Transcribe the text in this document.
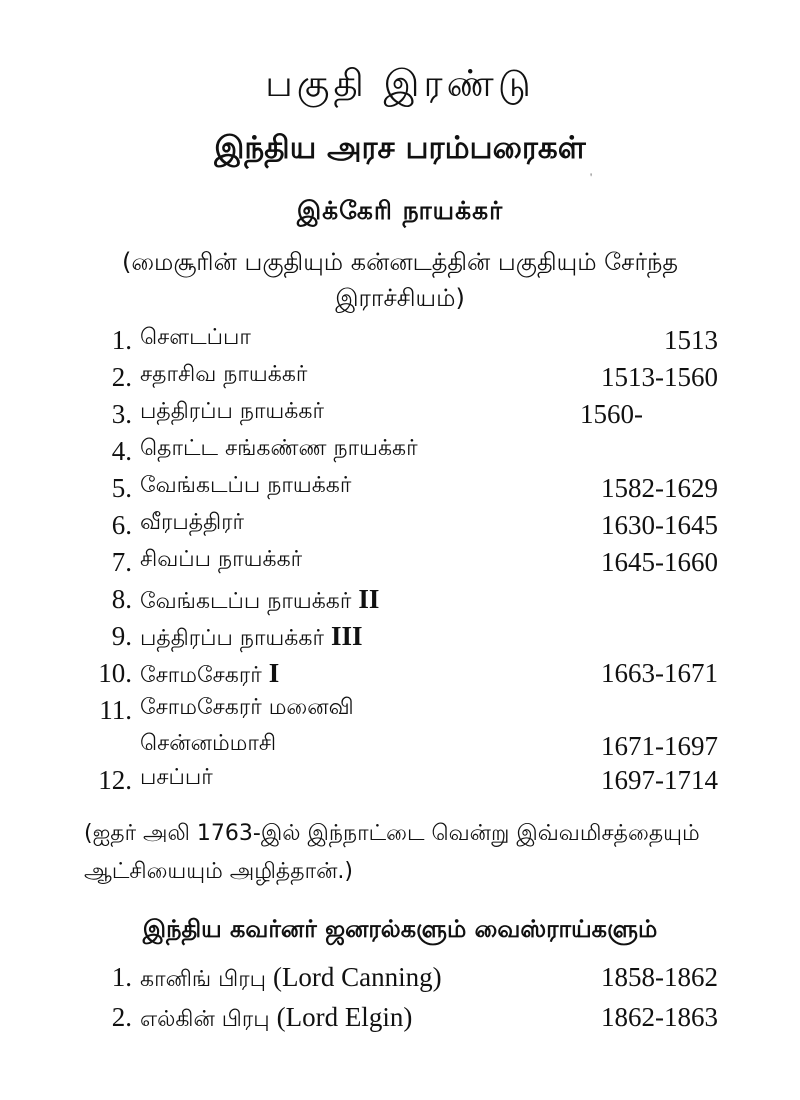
பகுதி இரண்டு
இந்திய அரச பரம்பரைகள்
இக்கேரி நாயக்கர்
(மைசூரின் பகுதியும் கன்னடத்தின் பகுதியும் சேர்ந்த இராச்சியம்)
1. செளடப்பா	1513
2. சதாசிவ நாயக்கர்	1513-1560
3. பத்திரப்ப நாயக்கர்	1560-
4. தொட்ட சங்கண்ண நாயக்கர்
5. வேங்கடப்ப நாயக்கர்	1582-1629
6. வீரபத்திரர்	1630-1645
7. சிவப்ப நாயக்கர்	1645-1660
8. வேங்கடப்ப நாயக்கர் II
9. பத்திரப்ப நாயக்கர் III
10. சோமசேகரர் I	1663-1671
11. சோமசேகரர் மனைவி
சென்னம்மாசி	1671-1697
12. பசப்பர்	1697-1714
(ஐதர் அலி 1763-இல் இந்நாட்டை வென்று இவ்வமிசத்தையும் ஆட்சியையும் அழித்தான்.)
இந்திய கவர்னர் ஜனரல்களும் வைஸ்ராய்களும்
1. கானிங் பிரபு (Lord Canning)	1858-1862
2. எல்கின் பிரபு (Lord Elgin)	1862-1863
'
